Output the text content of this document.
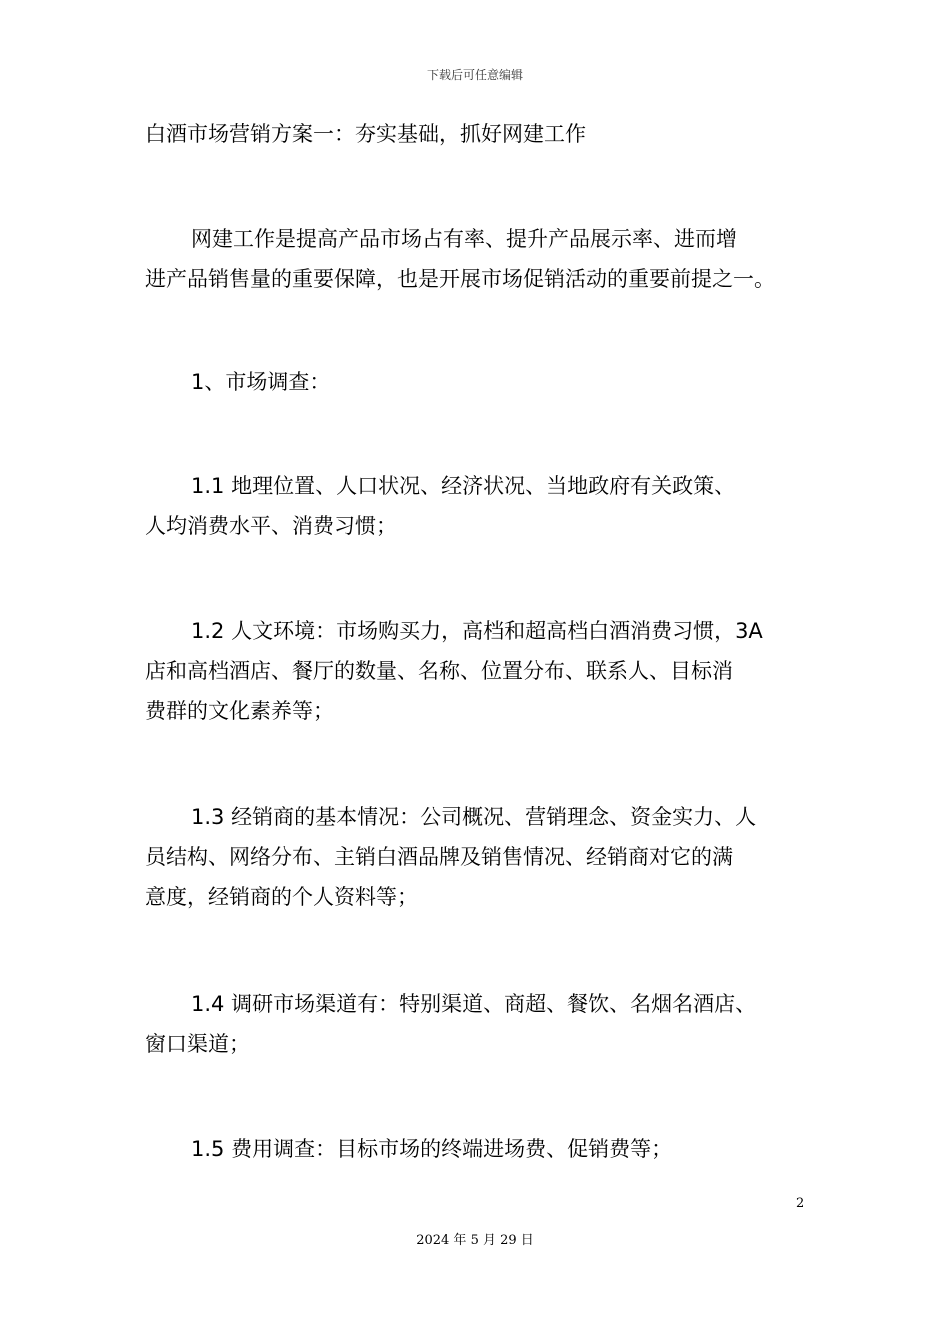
下载后可任意编辑
白酒市场营销方案一：夯实基础，抓好网建工作
网建工作是提高产品市场占有率、提升产品展示率、进而增
进产品销售量的重要保障，也是开展市场促销活动的重要前提之一。
1、市场调查：
1.1 地理位置、人口状况、经济状况、当地政府有关政策、
人均消费水平、消费习惯；
1.2 人文环境：市场购买力，高档和超高档白酒消费习惯，3A
店和高档酒店、餐厅的数量、名称、位置分布、联系人、目标消
费群的文化素养等；
1.3 经销商的基本情况：公司概况、营销理念、资金实力、人
员结构、网络分布、主销白酒品牌及销售情况、经销商对它的满
意度，经销商的个人资料等；
1.4 调研市场渠道有：特别渠道、商超、餐饮、名烟名酒店、
窗口渠道；
1.5 费用调查：目标市场的终端进场费、促销费等；
2
2024 年 5 月 29 日
